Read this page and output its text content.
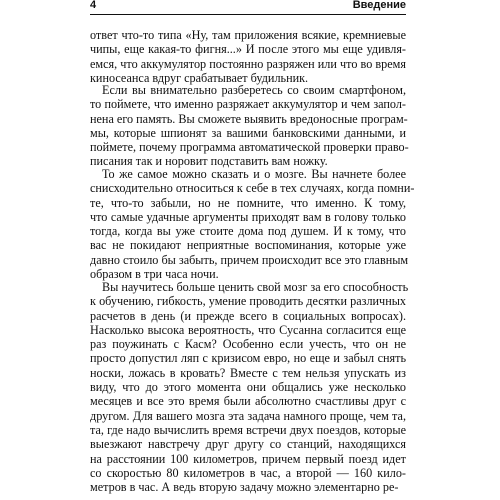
4	Введение
ответ что-то типа «Ну, там приложения всякие, кремниевые
чипы, еще какая-то фигня...» И после этого мы еще удивля-
емся, что аккумулятор постоянно разряжен или что во время
киносеанса вдруг срабатывает будильник.
Если вы внимательно разберетесь со своим смартфоном,
то поймете, что именно разряжает аккумулятор и чем запол-
нена его память. Вы сможете выявить вредоносные програм-
мы, которые шпионят за вашими банковскими данными, и
поймете, почему программа автоматической проверки право-
писания так и норовит подставить вам ножку.
То же самое можно сказать и о мозге. Вы начнете более
снисходительно относиться к себе в тех случаях, когда помни-
те, что-то забыли, но не помните, что именно. К тому,
что самые удачные аргументы приходят вам в голову только
тогда, когда вы уже стоите дома под душем. И к тому, что
вас не покидают неприятные воспоминания, которые уже
давно стоило бы забыть, причем происходит все это главным
образом в три часа ночи.
Вы научитесь больше ценить свой мозг за его способность
к обучению, гибкость, умение проводить десятки различных
расчетов в день (и прежде всего в социальных вопросах).
Насколько высока вероятность, что Сусанна согласится еще
раз поужинать с Касм? Особенно если учесть, что он не
просто допустил ляп с кризисом евро, но еще и забыл снять
носки, ложась в кровать? Вместе с тем нельзя упускать из
виду, что до этого момента они общались уже несколько
месяцев и все это время были абсолютно счастливы друг с
другом. Для вашего мозга эта задача намного проще, чем та,
та, где надо вычислить время встречи двух поездов, которые
выезжают навстречу друг другу со станций, находящихся
на расстоянии 100 километров, причем первый поезд идет
со скоростью 80 километров в час, а второй — 160 кило-
метров в час. А ведь вторую задачу можно элементарно ре-
